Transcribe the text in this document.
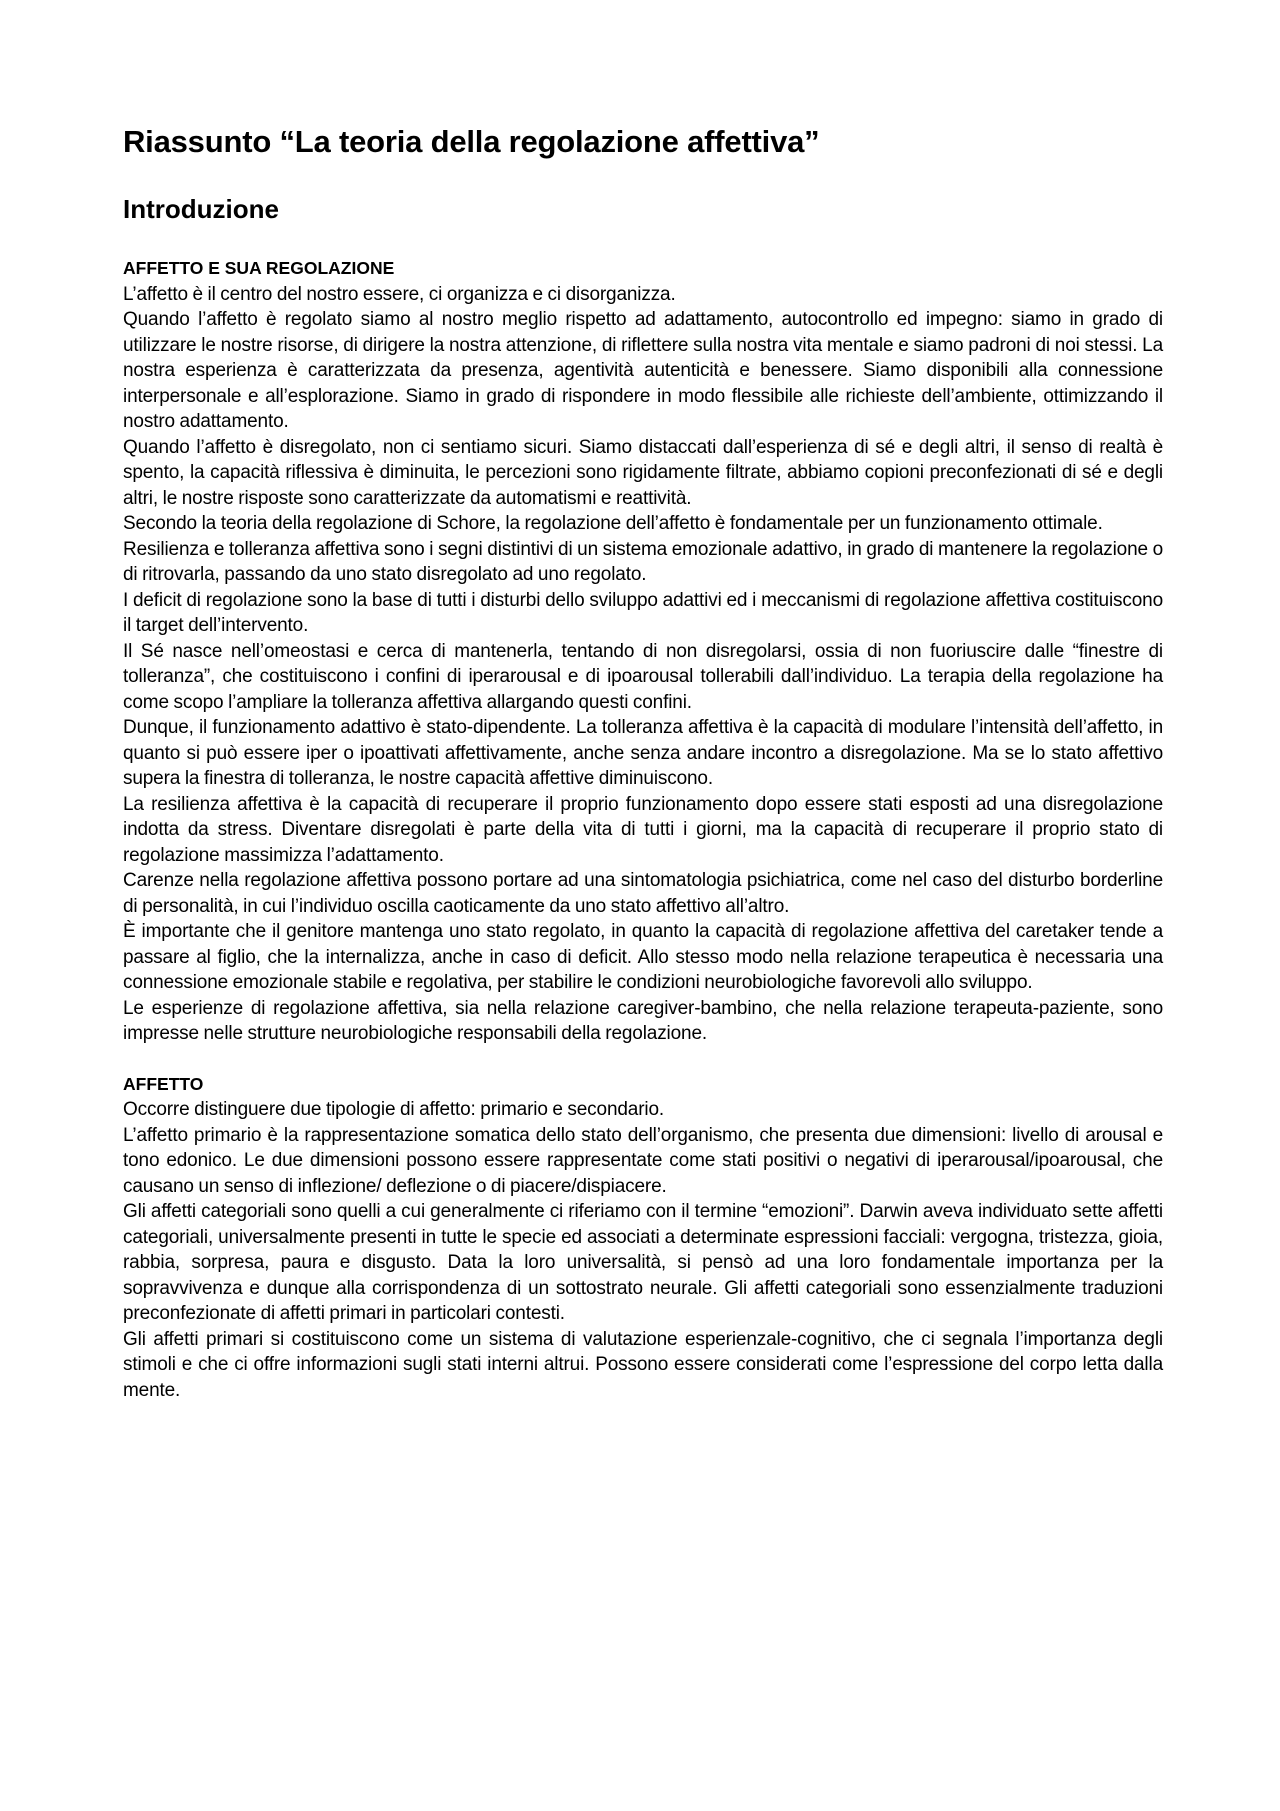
Riassunto “La teoria della regolazione affettiva”
Introduzione
AFFETTO E SUA REGOLAZIONE

L’affetto è il centro del nostro essere, ci organizza e ci disorganizza.

Quando l’affetto è regolato siamo al nostro meglio rispetto ad adattamento, autocontrollo ed impegno: siamo in grado di utilizzare le nostre risorse, di dirigere la nostra attenzione, di riflettere sulla nostra vita mentale e siamo padroni di noi stessi. La nostra esperienza è caratterizzata da presenza, agentività autenticità e benessere. Siamo disponibili alla connessione interpersonale e all’esplorazione. Siamo in grado di rispondere in modo flessibile alle richieste dell’ambiente, ottimizzando il nostro adattamento.

Quando l’affetto è disregolato, non ci sentiamo sicuri. Siamo distaccati dall’esperienza di sé e degli altri, il senso di realtà è spento, la capacità riflessiva è diminuita, le percezioni sono rigidamente filtrate, abbiamo copioni preconfezionati di sé e degli altri, le nostre risposte sono caratterizzate da automatismi e reattività.

Secondo la teoria della regolazione di Schore, la regolazione dell’affetto è fondamentale per un funzionamento ottimale.

Resilienza e tolleranza affettiva sono i segni distintivi di un sistema emozionale adattivo, in grado di mantenere la regolazione o di ritrovarla, passando da uno stato disregolato ad uno regolato.

I deficit di regolazione sono la base di tutti i disturbi dello sviluppo adattivi ed i meccanismi di regolazione affettiva costituiscono il target dell’intervento.

Il Sé nasce nell’omeostasi e cerca di mantenerla, tentando di non disregolarsi, ossia di non fuoriuscire dalle “finestre di tolleranza”, che costituiscono i confini di iperarousal e di ipoarousal tollerabili dall’individuo. La terapia della regolazione ha come scopo l’ampliare la tolleranza affettiva allargando questi confini.

Dunque, il funzionamento adattivo è stato-dipendente. La tolleranza affettiva è la capacità di modulare l’intensità dell’affetto, in quanto si può essere iper o ipoattivati affettivamente, anche senza andare incontro a disregolazione. Ma se lo stato affettivo supera la finestra di tolleranza, le nostre capacità affettive diminuiscono.

La resilienza affettiva è la capacità di recuperare il proprio funzionamento dopo essere stati esposti ad una disregolazione indotta da stress. Diventare disregolati è parte della vita di tutti i giorni, ma la capacità di recuperare il proprio stato di regolazione massimizza l’adattamento.

Carenze nella regolazione affettiva possono portare ad una sintomatologia psichiatrica, come nel caso del disturbo borderline di personalità, in cui l’individuo oscilla caoticamente da uno stato affettivo all’altro.

È importante che il genitore mantenga uno stato regolato, in quanto la capacità di regolazione affettiva del caretaker tende a passare al figlio, che la internalizza, anche in caso di deficit. Allo stesso modo nella relazione terapeutica è necessaria una connessione emozionale stabile e regolativa, per stabilire le condizioni neurobiologiche favorevoli allo sviluppo.

Le esperienze di regolazione affettiva, sia nella relazione caregiver-bambino, che nella relazione terapeuta-paziente, sono impresse nelle strutture neurobiologiche responsabili della regolazione.

AFFETTO

Occorre distinguere due tipologie di affetto: primario e secondario.

L’affetto primario è la rappresentazione somatica dello stato dell’organismo, che presenta due dimensioni: livello di arousal e tono edonico. Le due dimensioni possono essere rappresentate come stati positivi o negativi di iperarousal/ipoarousal, che causano un senso di inflezione/ deflezione o di piacere/dispiacere.

Gli affetti categoriali sono quelli a cui generalmente ci riferiamo con il termine “emozioni”. Darwin aveva individuato sette affetti categoriali, universalmente presenti in tutte le specie ed associati a determinate espressioni facciali: vergogna, tristezza, gioia, rabbia, sorpresa, paura e disgusto. Data la loro universalità, si pensò ad una loro fondamentale importanza per la sopravvivenza e dunque alla corrispondenza di un sottostrato neurale. Gli affetti categoriali sono essenzialmente traduzioni preconfezionate di affetti primari in particolari contesti.

Gli affetti primari si costituiscono come un sistema di valutazione esperienzale-cognitivo, che ci segnala l’importanza degli stimoli e che ci offre informazioni sugli stati interni altrui. Possono essere considerati come l’espressione del corpo letta dalla mente.
